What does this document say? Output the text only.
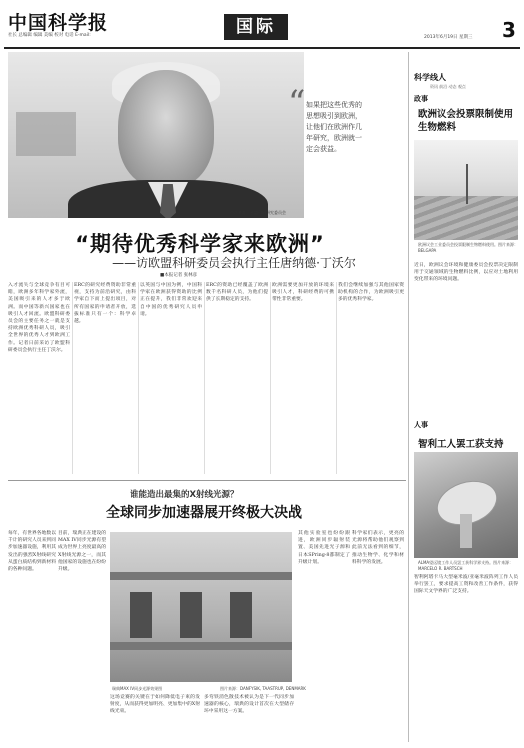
中国科学报
社长 总编辑 编辑 美编 校对 电话 E-mail:	国际
2013年6月19日 星期三 3
图片来源：欧盟科研研究委员会
“ 如果把这些优秀的思想吸引到欧洲，让他们在欧洲作几年研究，欧洲就一定会获益。
“期待优秀科学家来欧洲”
——访欧盟科研委员会执行主任唐纳德·丁沃尔
■本报记者 张林彦
入才流失与全球竞争有目可睹，欧洲多年科学家外流，美国吸引来的人才多于欧洲。而中国等新兴国家也在吸引人才回流。欧盟科研委员会的主要任务之一就是支持欧洲优秀科研人员，吸引全世界的优秀人才到欧洲工作。记者日前采访了欧盟科研委员会执行主任丁沃尔。
ERC的研究经费资助非常重视，支持为前沿研究，由科学家自下而上提出项目，对所有国家的申请者开放，选拔标准只有一个：科学卓越。
以英国与中国为例，中国科学家在欧洲获得资助的比例正在提升，我们非常欢迎来自中国的优秀研究人员申请。
ERC的资助已经覆盖了欧洲数千名科研人员，为他们提供了长期稳定的支持。
欧洲需要更加开放的环境来吸引人才，科研经费的可携带性非常重要。
我们会继续加强与其他国家资助机构的合作，为欧洲吸引更多的优秀科学家。
科学线人
资讯 前沿 动态 观点
政事
欧洲议会投票限制使用生物燃料
欧洲议会工业委员会投票限制生物燃料使用。图片来源：BELGAPA
近日，欧洲议会环境和健康委员会投票决定限制用于交通领域的生物燃料比例，以应对土地利用变化带来的环境问题。
人事
智利工人罢工获支持
ALMA望远镜工作人员罢工获科学界支持。图片来源：MARCELO R. BARTSCH
智利阿塔卡马大型毫米波/亚毫米波阵列工作人员举行罢工，要求提高工资和改善工作条件，获得国际天文学界的广泛支持。
谁能造出最集的X射线光源？
全球同步加速器展开终极大决战
每年，有世界各地数以千计的研究人员来到同步加速器设施，利用其发出的强烈X射线研究从蛋白质结构到新材料的各种问题。
目前，瑞典正在建设的MAX IV同步光源有望成为世界上亮度最高的X射线光源之一，而其他国家的设施也在纷纷升级。
瑞典MAX IV同步光源效果图	图片来源：DANFYSIK, TAASTRUP, DENMARK
这场竞赛的关键在于如何降低电子束的发射度，从而获得更加明亮、更加集中的X射线光束。
多弯铁消色散技术被认为是下一代同步加速器的核心，瑞典的设计首次在大型储存环中采用这一方案。
其他实验室也纷纷跟进，欧洲同步辐射装置、美国先进光子源和日本SPring-8都制定了升级计划。
科学家们表示，更亮的光源将帮助他们观察到此前无法看到的细节，推动生物学、化学和材料科学的发展。
